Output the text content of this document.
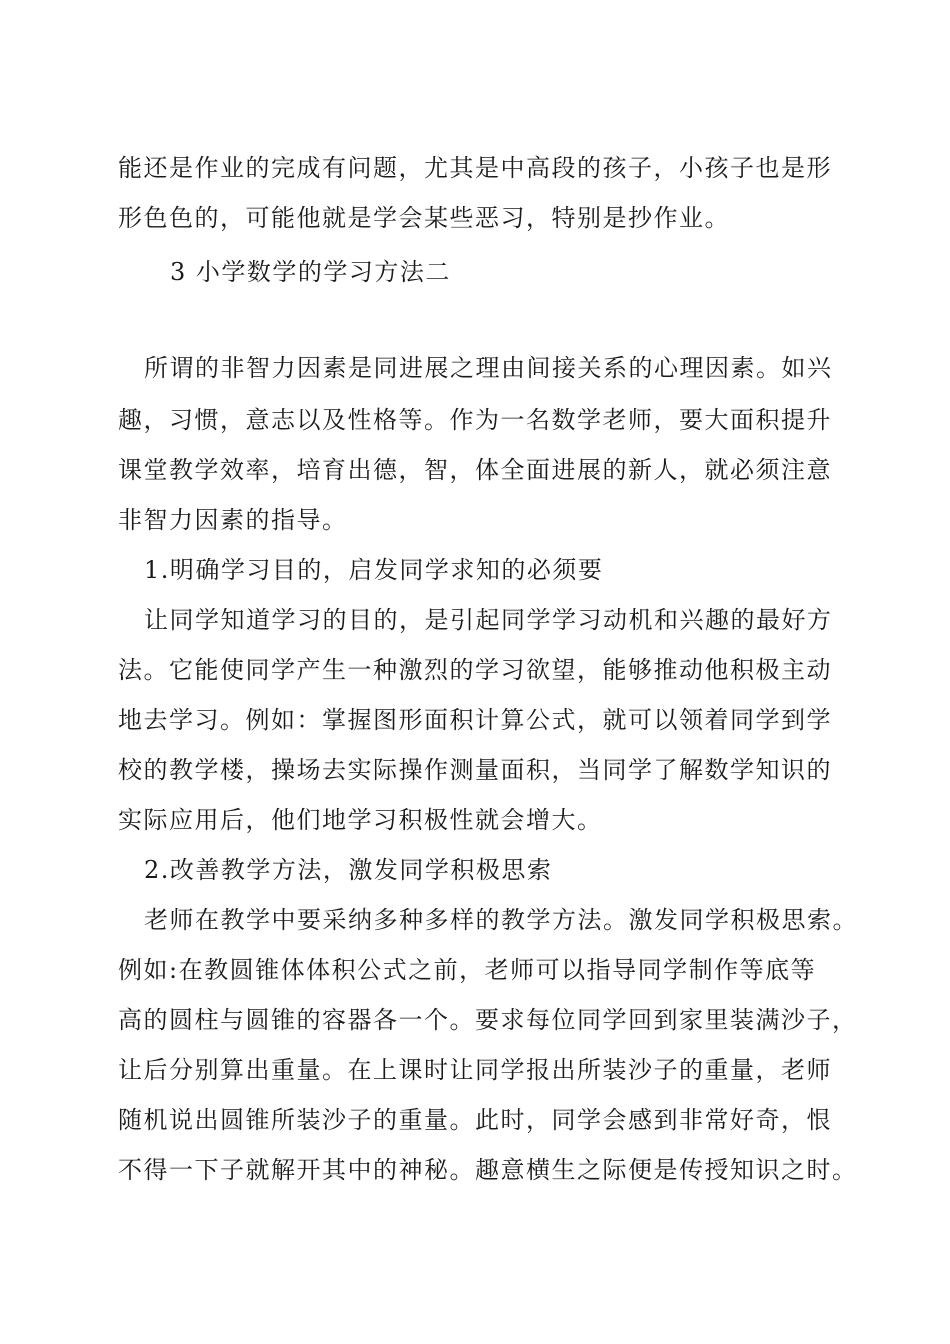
能还是作业的完成有问题，尤其是中高段的孩子，小孩子也是形
形色色的，可能他就是学会某些恶习，特别是抄作业。
3 小学数学的学习方法二
所谓的非智力因素是同进展之理由间接关系的心理因素。如兴
趣，习惯，意志以及性格等。作为一名数学老师，要大面积提升
课堂教学效率，培育出德，智，体全面进展的新人，就必须注意
非智力因素的指导。
1.明确学习目的，启发同学求知的必须要
让同学知道学习的目的，是引起同学学习动机和兴趣的最好方
法。它能使同学产生一种激烈的学习欲望，能够推动他积极主动
地去学习。例如：掌握图形面积计算公式，就可以领着同学到学
校的教学楼，操场去实际操作测量面积，当同学了解数学知识的
实际应用后，他们地学习积极性就会增大。
2.改善教学方法，激发同学积极思索
老师在教学中要采纳多种多样的教学方法。激发同学积极思索。
例如:在教圆锥体体积公式之前，老师可以指导同学制作等底等
高的圆柱与圆锥的容器各一个。要求每位同学回到家里装满沙子，
让后分别算出重量。在上课时让同学报出所装沙子的重量，老师
随机说出圆锥所装沙子的重量。此时，同学会感到非常好奇，恨
不得一下子就解开其中的神秘。趣意横生之际便是传授知识之时。
